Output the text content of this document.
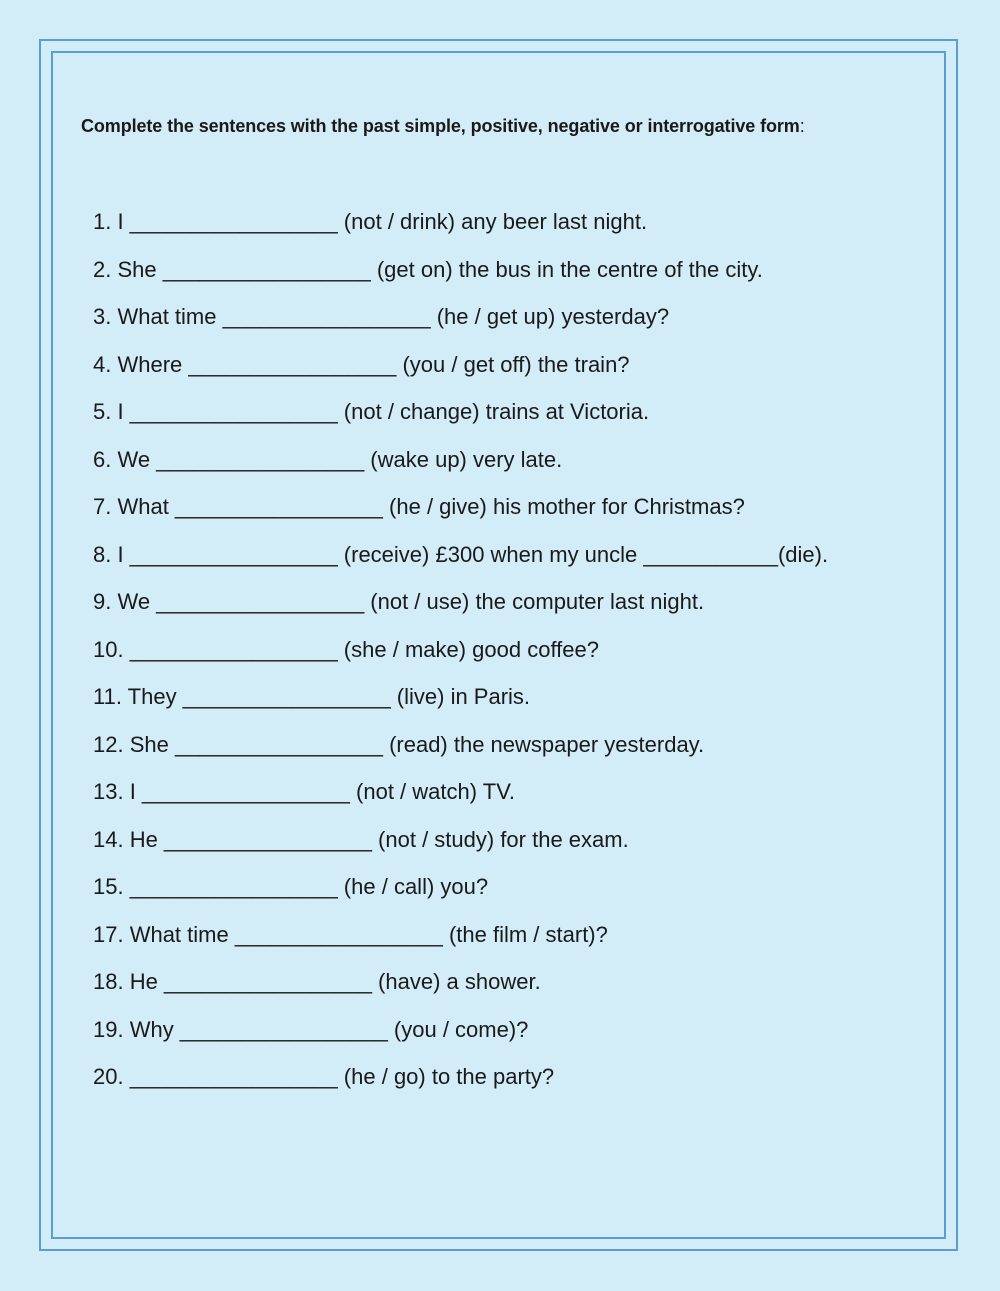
Complete the sentences with the past simple, positive, negative or interrogative form:
1. I _________________ (not / drink) any beer last night.
2. She _________________ (get on) the bus in the centre of the city.
3. What time _________________ (he / get up) yesterday?
4. Where _________________ (you / get off) the train?
5. I _________________ (not / change) trains at Victoria.
6. We _________________ (wake up) very late.
7. What _________________ (he / give) his mother for Christmas?
8. I _________________ (receive) £300 when my uncle ___________(die).
9. We _________________ (not / use) the computer last night.
10. _________________ (she / make) good coffee?
11. They _________________ (live) in Paris.
12. She _________________ (read) the newspaper yesterday.
13. I _________________ (not / watch) TV.
14. He _________________ (not / study) for the exam.
15. _________________ (he / call) you?
17. What time _________________ (the film / start)?
18. He _________________ (have) a shower.
19. Why _________________ (you / come)?
20. _________________ (he / go) to the party?
